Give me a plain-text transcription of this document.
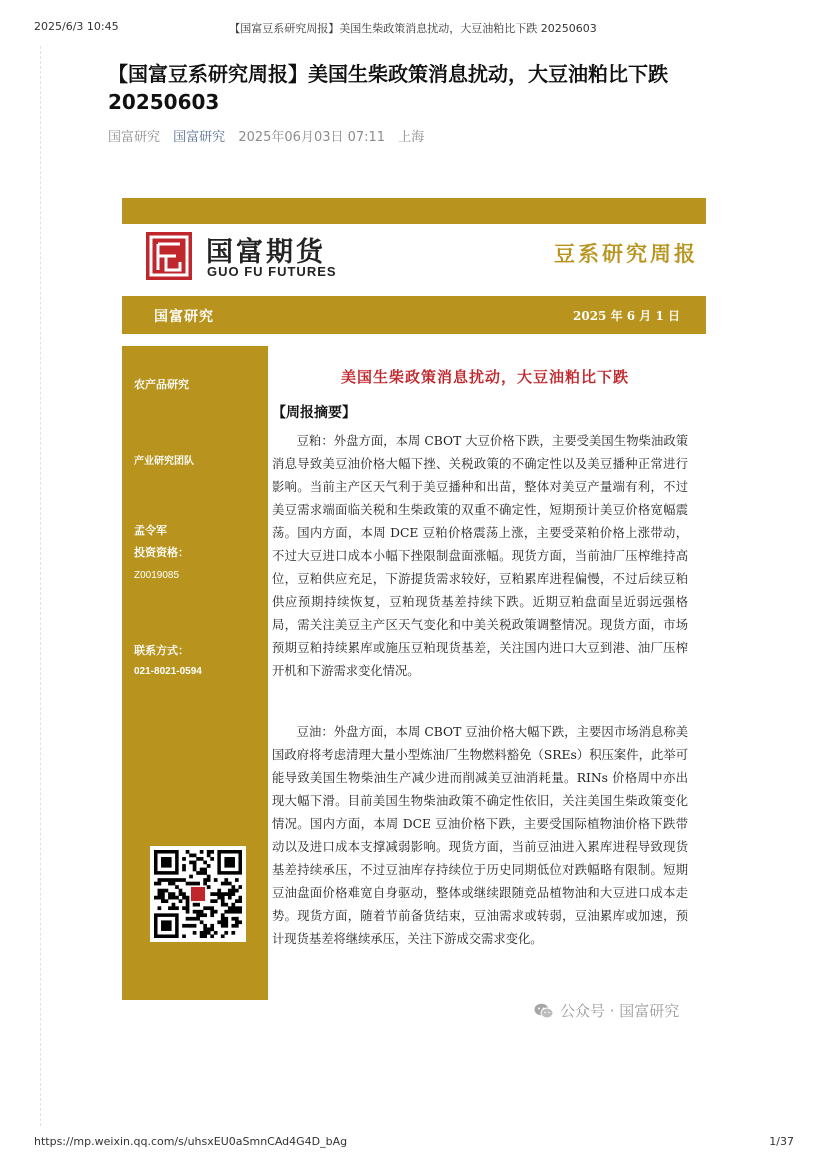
2025/6/3 10:45	【国富豆系研究周报】美国生柴政策消息扰动，大豆油粕比下跌 20250603
【国富豆系研究周报】美国生柴政策消息扰动，大豆油粕比下跌 20250603
国富研究 国富研究 2025年06月03日 07:11 上海
国富期货
GUO FU FUTURES
豆系研究周报
国富研究	2025 年 6 月 1 日
农产品研究
产业研究团队
孟令军
投资资格：
Z0019085
联系方式：
021-8021-0594
美国生柴政策消息扰动，大豆油粕比下跌
【周报摘要】

豆粕：外盘方面，本周 CBOT 大豆价格下跌，主要受美国生物柴油政策消息导致美豆油价格大幅下挫、关税政策的不确定性以及美豆播种正常进行影响。当前主产区天气利于美豆播种和出苗，整体对美豆产量端有利，不过美豆需求端面临关税和生柴政策的双重不确定性，短期预计美豆价格宽幅震荡。国内方面，本周 DCE 豆粕价格震荡上涨，主要受菜粕价格上涨带动，不过大豆进口成本小幅下挫限制盘面涨幅。现货方面，当前油厂压榨维持高位，豆粕供应充足，下游提货需求较好，豆粕累库进程偏慢，不过后续豆粕供应预期持续恢复，豆粕现货基差持续下跌。近期豆粕盘面呈近弱远强格局，需关注美豆主产区天气变化和中美关税政策调整情况。现货方面，市场预期豆粕持续累库或施压豆粕现货基差，关注国内进口大豆到港、油厂压榨开机和下游需求变化情况。

豆油：外盘方面，本周 CBOT 豆油价格大幅下跌，主要因市场消息称美国政府将考虑清理大量小型炼油厂生物燃料豁免（SREs）积压案件，此举可能导致美国生物柴油生产减少进而削减美豆油消耗量。RINs 价格周中亦出现大幅下滑。目前美国生物柴油政策不确定性依旧，关注美国生柴政策变化情况。国内方面，本周 DCE 豆油价格下跌，主要受国际植物油价格下跌带动以及进口成本支撑减弱影响。现货方面，当前豆油进入累库进程导致现货基差持续承压，不过豆油库存持续位于历史同期低位对跌幅略有限制。短期豆油盘面价格难宽自身驱动，整体或继续跟随竞品植物油和大豆进口成本走势。现货方面，随着节前备货结束，豆油需求或转弱，豆油累库或加速，预计现货基差将继续承压，关注下游成交需求变化。

公众号 · 国富研究
https://mp.weixin.qq.com/s/uhsxEU0aSmnCAd4G4D_bAg	1/37
